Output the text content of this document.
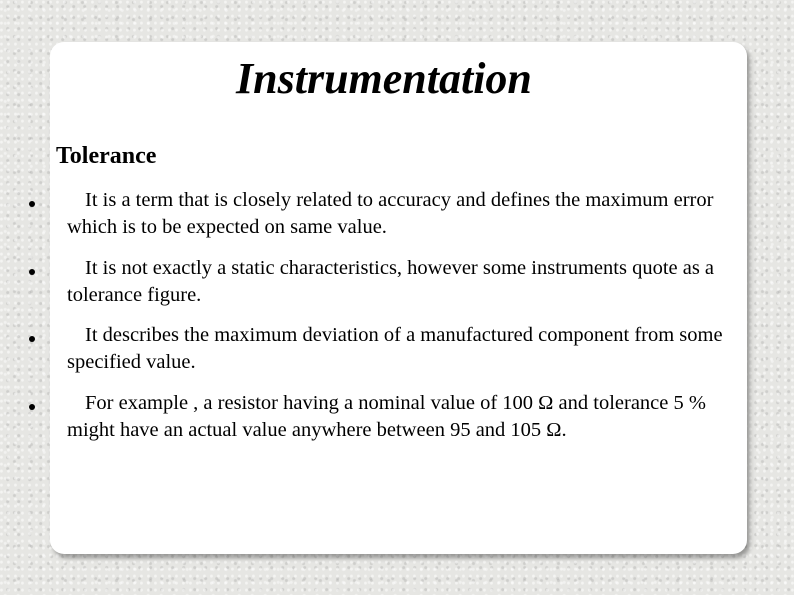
Instrumentation
Tolerance

It is a term that is closely related to accuracy and defines the maximum error which is to be expected on same value.

It is not exactly a static characteristics, however some instruments quote as a tolerance figure.

It describes the maximum deviation of a manufactured component from some specified value.

For example , a resistor having a nominal value of 100 Ω and tolerance 5 % might have an actual value anywhere between 95 and 105 Ω.
